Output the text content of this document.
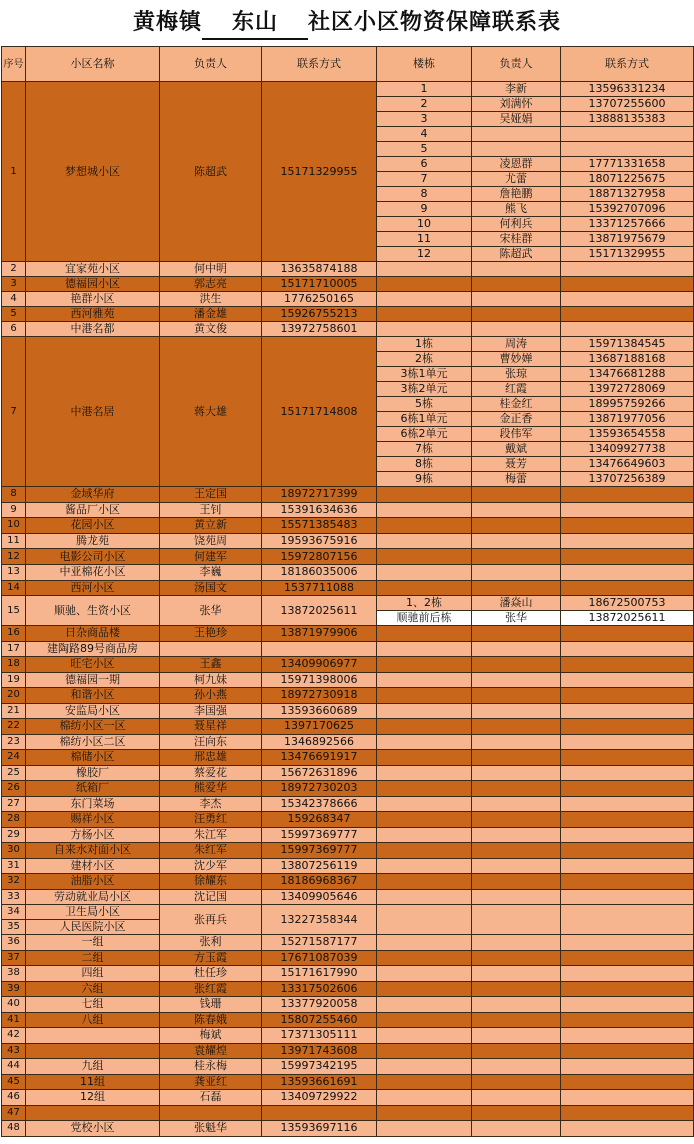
黄梅镇 东山 社区小区物资保障联系表
序号	小区名称	负责人	联系方式	楼栋	负责人	联系方式
1	梦想城小区	陈超武	15171329955	1	李新	13596331234
				2	刘满怀	13707255600
				3	吴娅娟	13888135383
				4		
				5		
				6	凌恩群	17771331658
				7	尤蕾	18071225675
				8	詹艳鹏	18871327958
				9	熊飞	15392707096
				10	何利兵	13371257666
				11	宋桂群	13871975679
				12	陈超武	15171329955
2	宜家苑小区	何中明	13635874188			
3	德福园小区	郭志亮	15171710005			
4	艳群小区	洪生	1776250165			
5	西河雅苑	潘金雄	15926755213			
6	中港名都	黄文俊	13972758601			
7	中港名居	蒋大雄	15171714808	1栋	周涛	15971384545
				2栋	曹妙婵	13687188168
				3栋1单元	张琼	13476681288
				3栋2单元	红霞	13972728069
				5栋	桂金红	18995759266
				6栋1单元	金正香	13871977056
				6栋2单元	段伟军	13593654558
				7栋	戴斌	13409927738
				8栋	聂芳	13476649603
				9栋	梅蕾	13707256389
8	金域华府	王定国	18972717399			
9	酱品厂小区	王钊	15391634636			
10	花园小区	黄立新	15571385483			
11	腾龙苑	饶苑周	19593675916			
12	电影公司小区	何建军	15972807156			
13	中亚棉花小区	李巍	18186035006			
14	西河小区	汤国文	1537711088			
15	顺驰、生资小区	张华	13872025611	1、2栋	潘焱山	18672500753
				顺驰前后栋	张华	13872025611
16	日杂商品楼	王艳珍	13871979906			
17	建陶路89号商品房					
18	旺宅小区	王鑫	13409906977			
19	德福园一期	柯九妹	15971398006			
20	和谐小区	孙小燕	18972730918			
21	安监局小区	李国强	13593660689			
22	棉纺小区一区	聂星祥	1397170625			
23	棉纺小区二区	汪向东	1346892566			
24	棉储小区	邢忠雄	13476691917			
25	橡胶厂	蔡爱花	15672631896			
26	纸箱厂	熊爱华	18972730203			
27	东门菜场	李杰	15342378666			
28	赐祥小区	汪勇红	159268347			
29	方杨小区	朱江军	15997369777			
30	自来水对面小区	朱红军	15997369777			
31	建材小区	沈少军	13807256119			
32	油脂小区	徐耀东	18186968367			
33	劳动就业局小区	沈记国	13409905646			
34	卫生局小区	张再兵	13227358344			
35	人民医院小区					
36	一组	张利	15271587177			
37	二组	方玉霞	17671087039			
38	四组	杜任珍	15171617990			
39	六组	张红霞	13317502606			
40	七组	钱珊	13377920058			
41	八组	陈春娥	15807255460			
42		梅斌	17371305111			
43		袁耀煌	13971743608			
44	九组	桂永梅	15997342195			
45	11组	龚亚红	13593661691			
46	12组	石磊	13409729922			
47						
48	党校小区	张魁华	13593697116			
